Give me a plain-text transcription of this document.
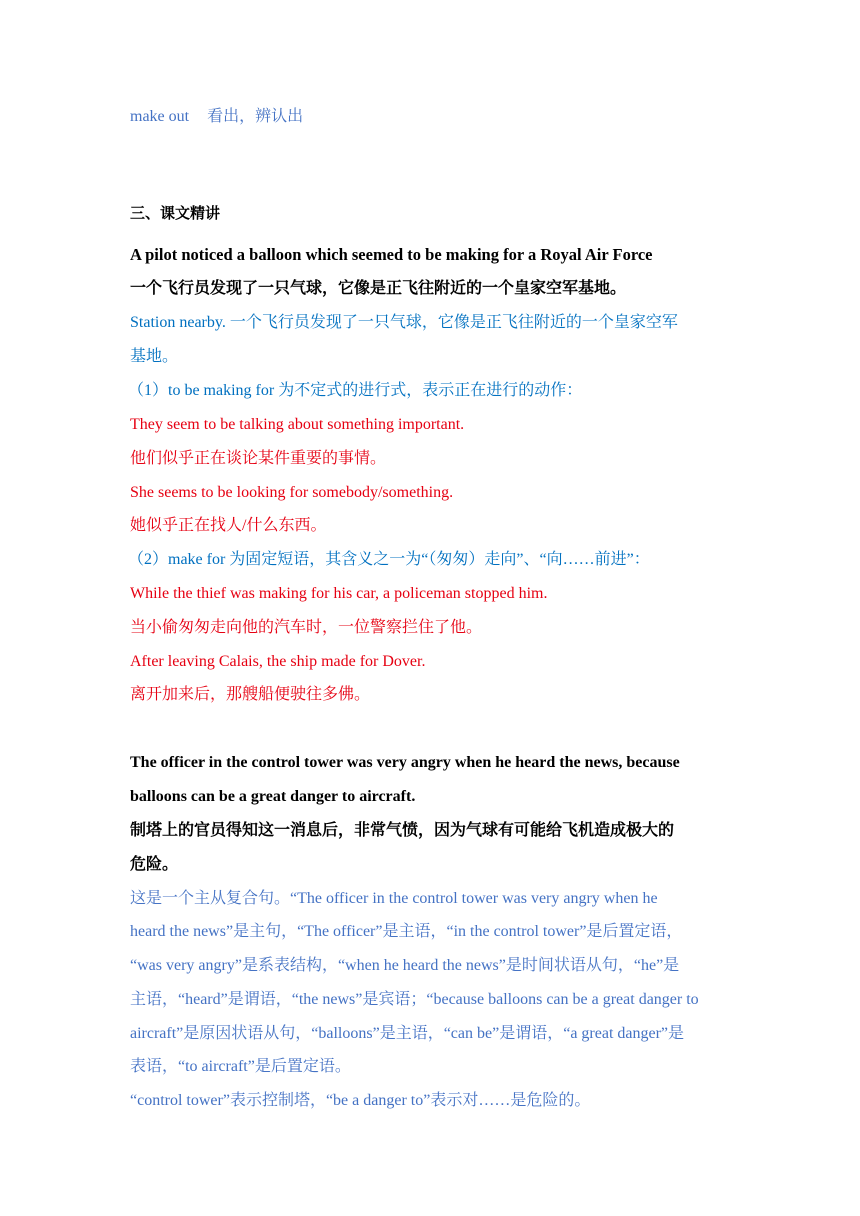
make out 看出，辨认出
三、课文精讲
A pilot noticed a balloon which seemed to be making for a Royal Air Force
一个飞行员发现了一只气球，它像是正飞往附近的一个皇家空军基地。
Station nearby. 一个飞行员发现了一只气球，它像是正飞往附近的一个皇家空军
基地。
（1）to be making for 为不定式的进行式，表示正在进行的动作：
They seem to be talking about something important.
他们似乎正在谈论某件重要的事情。
She seems to be looking for somebody/something.
她似乎正在找人/什么东西。
（2）make for 为固定短语，其含义之一为“（匆匆）走向”、“向……前进”：
While the thief was making for his car, a policeman stopped him.
当小偷匆匆走向他的汽车时，一位警察拦住了他。
After leaving Calais, the ship made for Dover.
离开加来后，那艘船便驶往多佛。
The officer in the control tower was very angry when he heard the news, because
balloons can be a great danger to aircraft.
制塔上的官员得知这一消息后，非常气愤，因为气球有可能给飞机造成极大的
危险。
这是一个主从复合句。“The officer in the control tower was very angry when he
heard the news”是主句，“The officer”是主语，“in the control tower”是后置定语，
“was very angry”是系表结构，“when he heard the news”是时间状语从句，“he”是
主语，“heard”是谓语，“the news”是宾语；“because balloons can be a great danger to
aircraft”是原因状语从句，“balloons”是主语，“can be”是谓语，“a great danger”是
表语，“to aircraft”是后置定语。
“control tower”表示控制塔，“be a danger to”表示对……是危险的。
